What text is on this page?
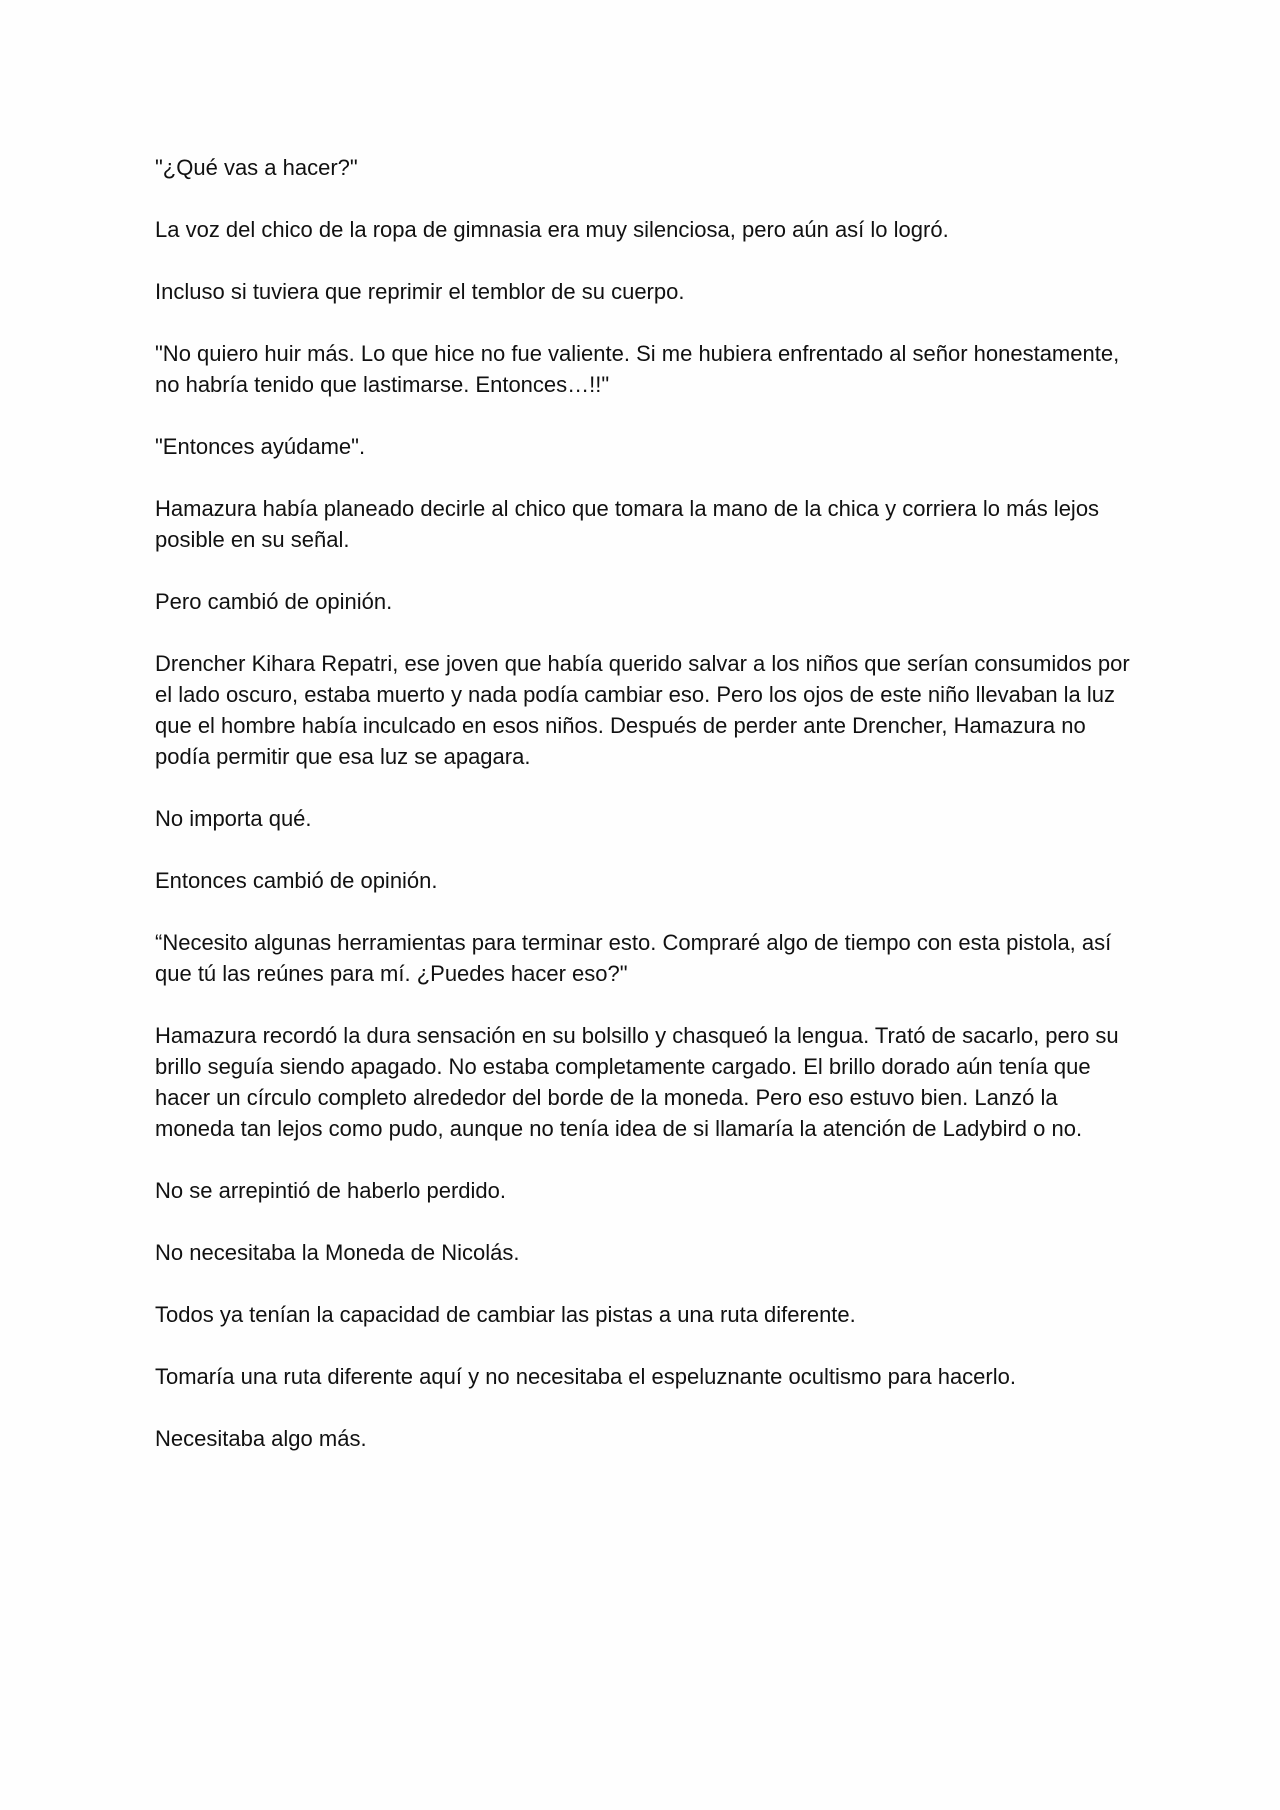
"¿Qué vas a hacer?"

La voz del chico de la ropa de gimnasia era muy silenciosa, pero aún así lo logró.

Incluso si tuviera que reprimir el temblor de su cuerpo.

"No quiero huir más. Lo que hice no fue valiente. Si me hubiera enfrentado al señor honestamente, no habría tenido que lastimarse. Entonces…!!"

"Entonces ayúdame".

Hamazura había planeado decirle al chico que tomara la mano de la chica y corriera lo más lejos posible en su señal.

Pero cambió de opinión.

Drencher Kihara Repatri, ese joven que había querido salvar a los niños que serían consumidos por el lado oscuro, estaba muerto y nada podía cambiar eso. Pero los ojos de este niño llevaban la luz que el hombre había inculcado en esos niños. Después de perder ante Drencher, Hamazura no podía permitir que esa luz se apagara.

No importa qué.

Entonces cambió de opinión.

“Necesito algunas herramientas para terminar esto. Compraré algo de tiempo con esta pistola, así que tú las reúnes para mí. ¿Puedes hacer eso?"

Hamazura recordó la dura sensación en su bolsillo y chasqueó la lengua. Trató de sacarlo, pero su brillo seguía siendo apagado. No estaba completamente cargado. El brillo dorado aún tenía que hacer un círculo completo alrededor del borde de la moneda. Pero eso estuvo bien. Lanzó la moneda tan lejos como pudo, aunque no tenía idea de si llamaría la atención de Ladybird o no.

No se arrepintió de haberlo perdido.

No necesitaba la Moneda de Nicolás.

Todos ya tenían la capacidad de cambiar las pistas a una ruta diferente.

Tomaría una ruta diferente aquí y no necesitaba el espeluznante ocultismo para hacerlo.

Necesitaba algo más.
